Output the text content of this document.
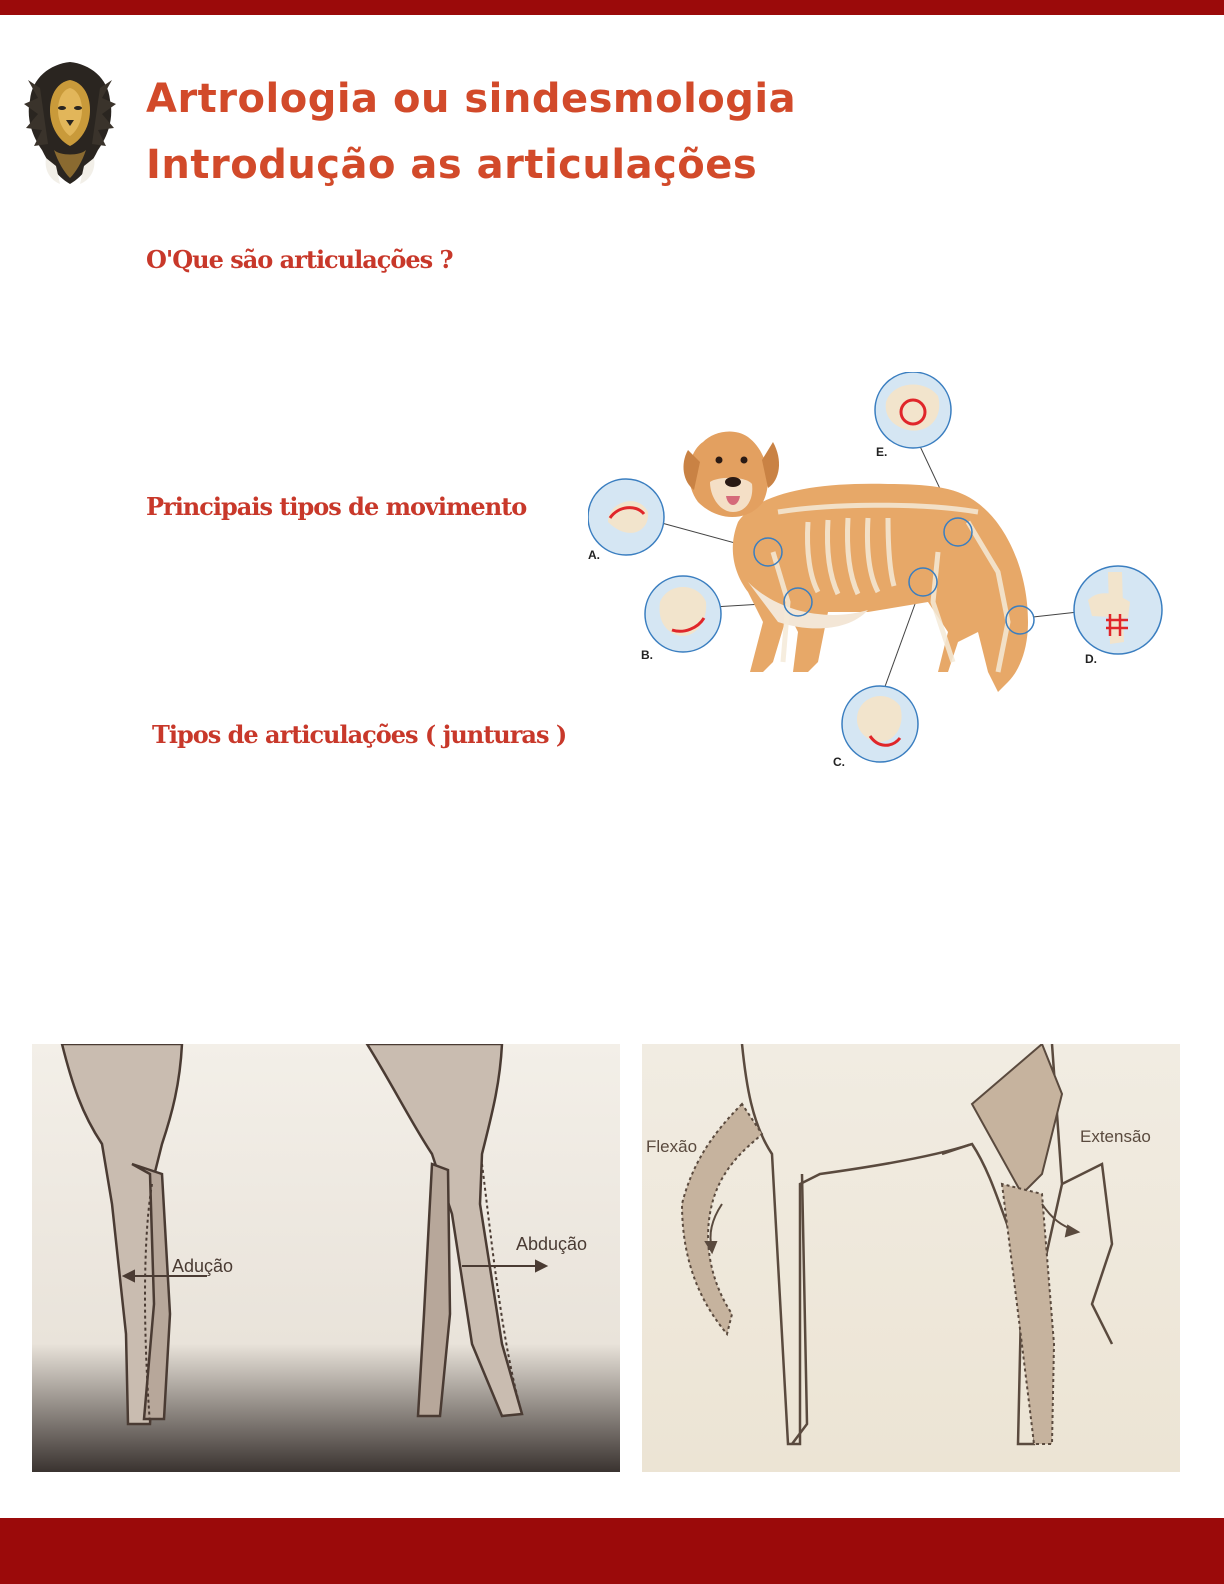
Artrologia ou sindesmologia
Introdução as articulações
O'Que são articulações ?
Principais tipos de movimento
Tipos de articulações ( junturas )
A.
B.
C.
D.
E.
Adução
Abdução
Flexão
Extensão
